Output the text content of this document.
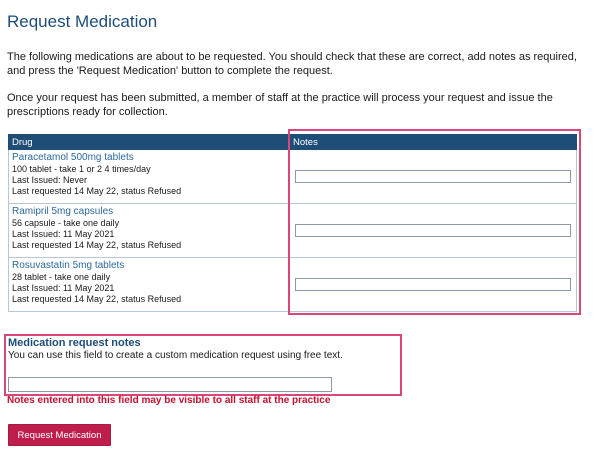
Request Medication

The following medications are about to be requested. You should check that these are correct, add notes as required, and press the 'Request Medication' button to complete the request.

Once your request has been submitted, a member of staff at the practice will process your request and issue the prescriptions ready for collection.

Drug	Notes

Paracetamol 500mg tablets
100 tablet - take 1 or 2 4 times/day
Last Issued: Never
Last requested 14 May 22, status Refused

Ramipril 5mg capsules
56 capsule - take one daily
Last Issued: 11 May 2021
Last requested 14 May 22, status Refused

Rosuvastatin 5mg tablets
28 tablet - take one daily
Last Issued: 11 May 2021
Last requested 14 May 22, status Refused

Medication request notes

You can use this field to create a custom medication request using free text.

Notes entered into this field may be visible to all staff at the practice

Request Medication
